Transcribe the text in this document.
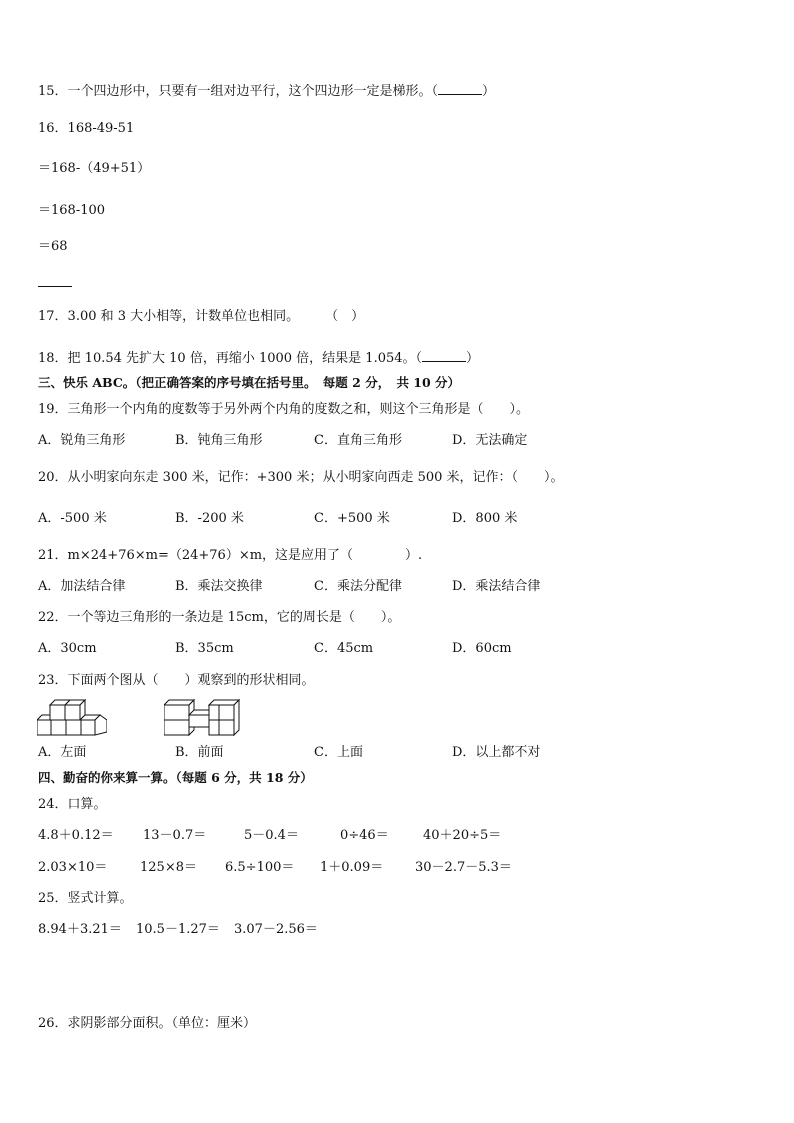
15．一个四边形中，只要有一组对边平行，这个四边形一定是梯形。（	）
16．168-49-51
＝168-（49+51）
＝168-100
＝68
17．3.00 和 3 大小相等，计数单位也相同。　　　（　）
18．把 10.54 先扩大 10 倍，再缩小 1000 倍，结果是 1.054。（	）
三、快乐 ABC。（把正确答案的序号填在括号里。　每题 2 分，　共 10 分）
19．三角形一个内角的度数等于另外两个内角的度数之和，则这个三角形是（　　）。
A．锐角三角形	B．钝角三角形	C．直角三角形	D．无法确定
20．从小明家向东走 300 米，记作：+300 米；从小明家向西走 500 米，记作：（　　）。
A．-500 米	B．-200 米	C．+500 米	D．800 米
21．m×24+76×m=（24+76）×m，这是应用了（　　　　）.
A．加法结合律	B．乘法交换律	C．乘法分配律	D．乘法结合律
22．一个等边三角形的一条边是 15cm，它的周长是（　　）。
A．30cm	B．35cm	C．45cm	D．60cm
23．下面两个图从（　　）观察到的形状相同。
A．左面	B．前面	C．上面	D．以上都不对
四、勤奋的你来算一算。（每题 6 分，共 18 分）
24．口算。
4.8＋0.12＝ 13－0.7＝	5－0.4＝	0÷46＝	40＋20÷5＝
2.03×10＝	125×8＝ 6.5÷100＝ 1＋0.09＝ 30－2.7－5.3＝
25．竖式计算。
8.94＋3.21＝ 10.5－1.27＝ 3.07－2.56＝
26．求阴影部分面积。（单位：厘米）
